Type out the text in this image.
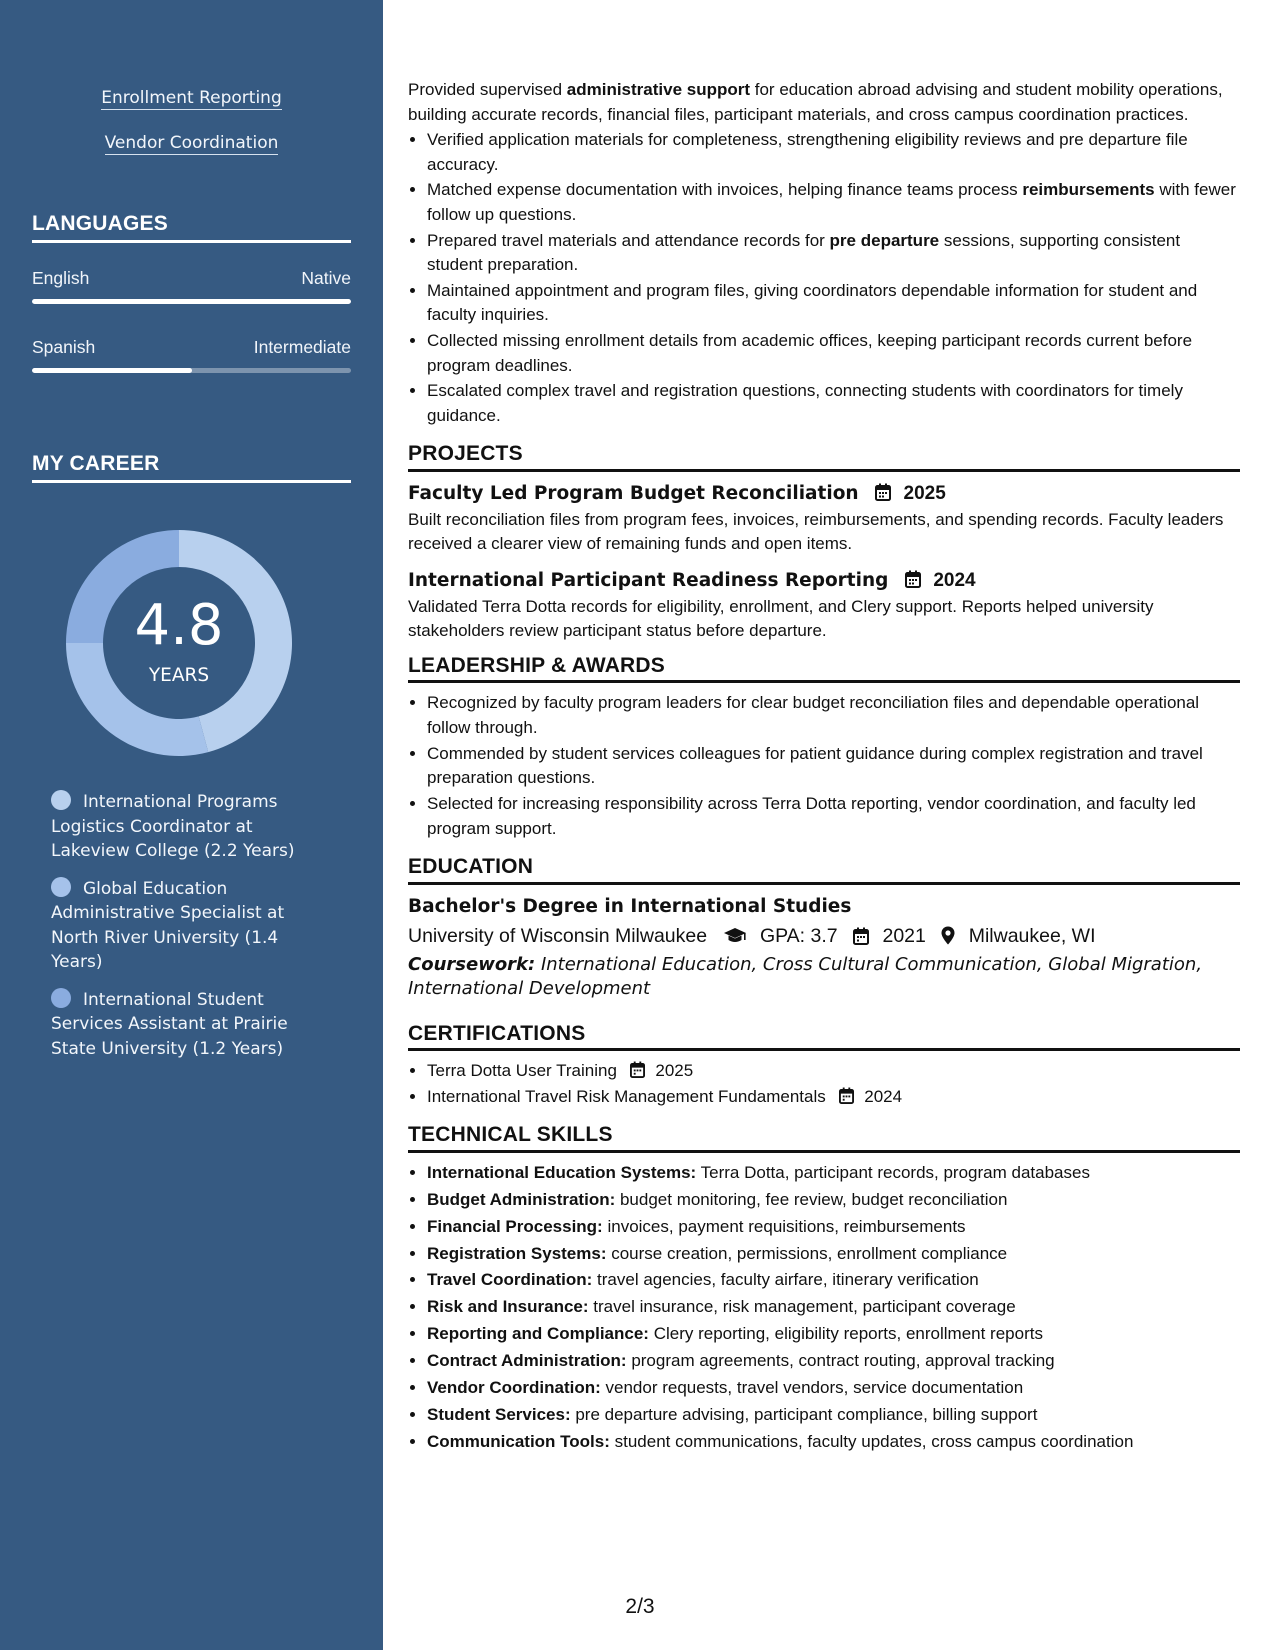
Enrollment Reporting
Vendor Coordination
LANGUAGES
English	Native
Spanish	Intermediate
MY CAREER
4.8
YEARS
International Programs Logistics Coordinator at Lakeview College (2.2 Years)
Global Education Administrative Specialist at North River University (1.4 Years)
International Student Services Assistant at Prairie State University (1.2 Years)

Provided supervised administrative support for education abroad advising and student mobility operations, building accurate records, financial files, participant materials, and cross campus coordination practices.

• Verified application materials for completeness, strengthening eligibility reviews and pre departure file accuracy.
• Matched expense documentation with invoices, helping finance teams process reimbursements with fewer follow up questions.
• Prepared travel materials and attendance records for pre departure sessions, supporting consistent student preparation.
• Maintained appointment and program files, giving coordinators dependable information for student and faculty inquiries.
• Collected missing enrollment details from academic offices, keeping participant records current before program deadlines.
• Escalated complex travel and registration questions, connecting students with coordinators for timely guidance.
PROJECTS
Faculty Led Program Budget Reconciliation 2025

Built reconciliation files from program fees, invoices, reimbursements, and spending records. Faculty leaders received a clearer view of remaining funds and open items.

International Participant Readiness Reporting 2024

Validated Terra Dotta records for eligibility, enrollment, and Clery support. Reports helped university stakeholders review participant status before departure.

LEADERSHIP & AWARDS
• Recognized by faculty program leaders for clear budget reconciliation files and dependable operational follow through.
• Commended by student services colleagues for patient guidance during complex registration and travel preparation questions.
• Selected for increasing responsibility across Terra Dotta reporting, vendor coordination, and faculty led program support.
EDUCATION
Bachelor's Degree in International Studies
University of Wisconsin Milwaukee	GPA: 3.7 2021 Milwaukee, WI

Coursework: International Education, Cross Cultural Communication, Global Migration, International Development

CERTIFICATIONS
• Terra Dotta User Training 2025
• International Travel Risk Management Fundamentals 2024
TECHNICAL SKILLS
• International Education Systems: Terra Dotta, participant records, program databases
• Budget Administration: budget monitoring, fee review, budget reconciliation
• Financial Processing: invoices, payment requisitions, reimbursements
• Registration Systems: course creation, permissions, enrollment compliance
• Travel Coordination: travel agencies, faculty airfare, itinerary verification
• Risk and Insurance: travel insurance, risk management, participant coverage
• Reporting and Compliance: Clery reporting, eligibility reports, enrollment reports
• Contract Administration: program agreements, contract routing, approval tracking
• Vendor Coordination: vendor requests, travel vendors, service documentation
• Student Services: pre departure advising, participant compliance, billing support
• Communication Tools: student communications, faculty updates, cross campus coordination
2/3
